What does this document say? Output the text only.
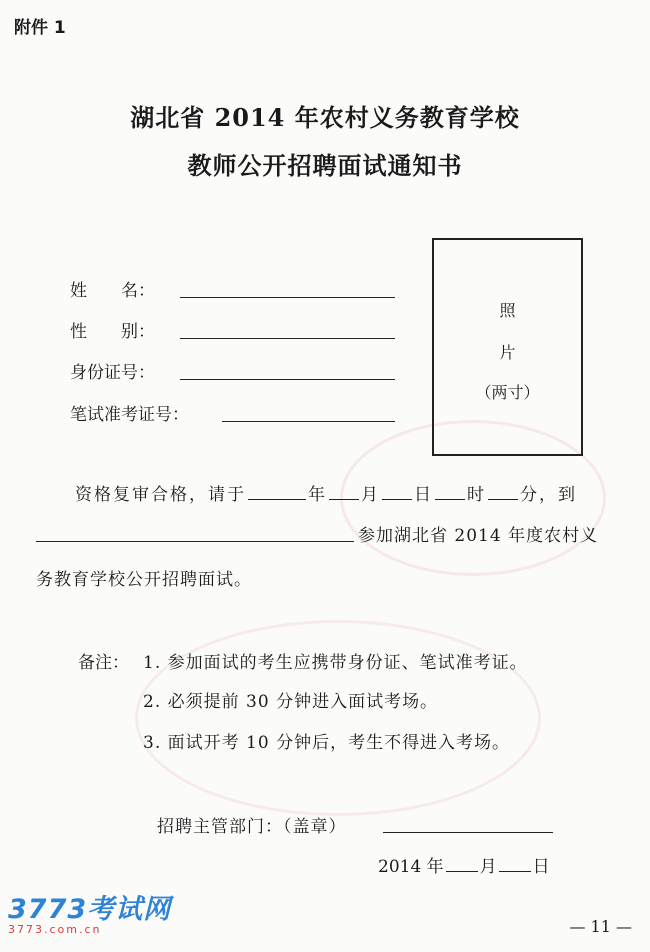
附件 1
湖北省 2014 年农村义务教育学校
教师公开招聘面试通知书
姓　　名：
性　　别：
身份证号：
笔试准考证号：
照
片
（两寸）
资格复审合格，请于	年 月 日 时 分，到
参加湖北省 2014 年度农村义
务教育学校公开招聘面试。
备注： 1. 参加面试的考生应携带身份证、笔试准考证。
2. 必须提前 30 分钟进入面试考场。
3. 面试开考 10 分钟后，考生不得进入考场。
招聘主管部门：（盖章）
2014 年 月 日
3773考试网
3773.com.cn	— 11 —
